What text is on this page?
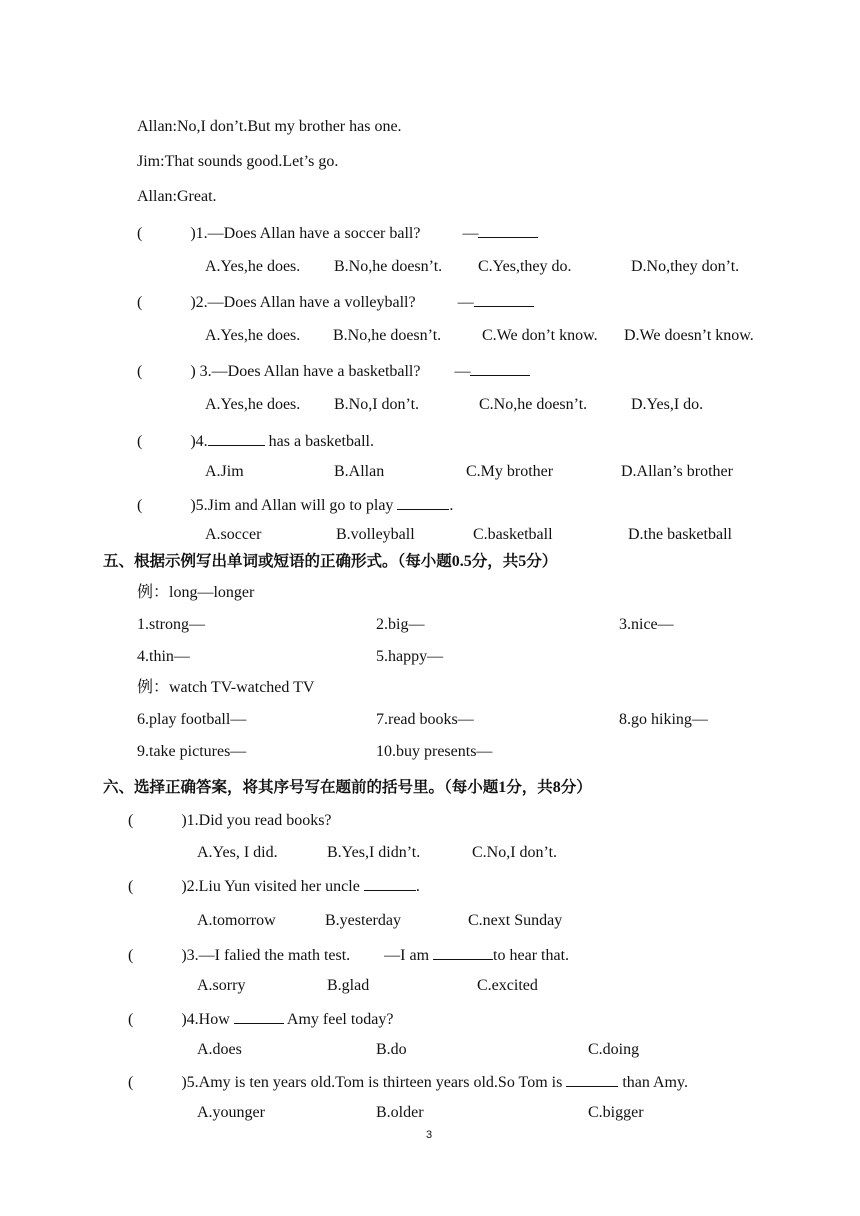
Allan:No,I don’t.But my brother has one.
Jim:That sounds good.Let’s go.
Allan:Great.
(	)1.—Does Allan have a soccer ball?	—
A.Yes,he does. B.No,he doesn’t. C.Yes,they do.	D.No,they don’t.
(	)2.—Does Allan have a volleyball?	—
A.Yes,he does. B.No,he doesn’t.	C.We don’t know. D.We doesn’t know.
(	) 3.—Does Allan have a basketball? —
A.Yes,he does. B.No,I don’t.	C.No,he doesn’t.	D.Yes,I do.
(	)4.	has a basketball.
A.Jim	B.Allan	C.My brother	D.Allan’s brother
(	)5.Jim and Allan will go to play	.
A.soccer	B.volleyball	C.basketball	D.the basketball
五、根据示例写出单词或短语的正确形式。（每小题0.5分，共5分）
例：long—longer
1.strong—	2.big—	3.nice—
4.thin—	5.happy—
例：watch TV-watched TV
6.play football—	7.read books—	8.go hiking—
9.take pictures—	10.buy presents—
六、选择正确答案，将其序号写在题前的括号里。（每小题1分，共8分）
(	)1.Did you read books?
A.Yes, I did.	B.Yes,I didn’t.	C.No,I don’t.
(	)2.Liu Yun visited her uncle	.
A.tomorrow	B.yesterday	C.next Sunday
(	)3.—I falied the math test. —I am	to hear that.
A.sorry	B.glad	C.excited
(	)4.How	Amy feel today?
A.does	B.do	C.doing
(	)5.Amy is ten years old.Tom is thirteen years old.So Tom is	than Amy.
A.younger	B.older	C.bigger
3
